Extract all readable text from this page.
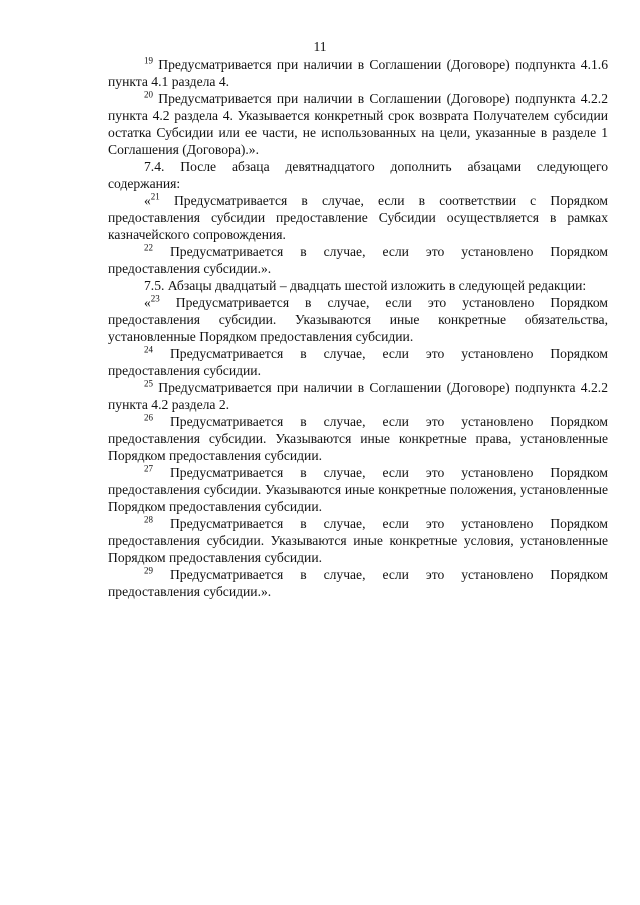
11

$^{19}$ Предусматривается при наличии в Соглашении (Договоре) подпункта 4.1.6 пункта 4.1 раздела 4.

$^{20}$ Предусматривается при наличии в Соглашении (Договоре) подпункта 4.2.2 пункта 4.2 раздела 4. Указывается конкретный срок возврата Получателем субсидии остатка Субсидии или ее части, не использованных на цели, указанные в разделе 1 Соглашения (Договора).».

7.4. После абзаца девятнадцатого дополнить абзацами следующего содержания:

«$^{21}$ Предусматривается в случае, если в соответствии с Порядком предоставления субсидии предоставление Субсидии осуществляется в рамках казначейского сопровождения.

$^{22}$ Предусматривается в случае, если это установлено Порядком предоставления субсидии.».

7.5. Абзацы двадцатый – двадцать шестой изложить в следующей редакции:

«$^{23}$ Предусматривается в случае, если это установлено Порядком предоставления субсидии. Указываются иные конкретные обязательства, установленные Порядком предоставления субсидии.

$^{24}$ Предусматривается в случае, если это установлено Порядком предоставления субсидии.

$^{25}$ Предусматривается при наличии в Соглашении (Договоре) подпункта 4.2.2 пункта 4.2 раздела 2.

$^{26}$ Предусматривается в случае, если это установлено Порядком предоставления субсидии. Указываются иные конкретные права, установленные Порядком предоставления субсидии.

$^{27}$ Предусматривается в случае, если это установлено Порядком предоставления субсидии. Указываются иные конкретные положения, установленные Порядком предоставления субсидии.

$^{28}$ Предусматривается в случае, если это установлено Порядком предоставления субсидии. Указываются иные конкретные условия, установленные Порядком предоставления субсидии.

$^{29}$ Предусматривается в случае, если это установлено Порядком предоставления субсидии.».
